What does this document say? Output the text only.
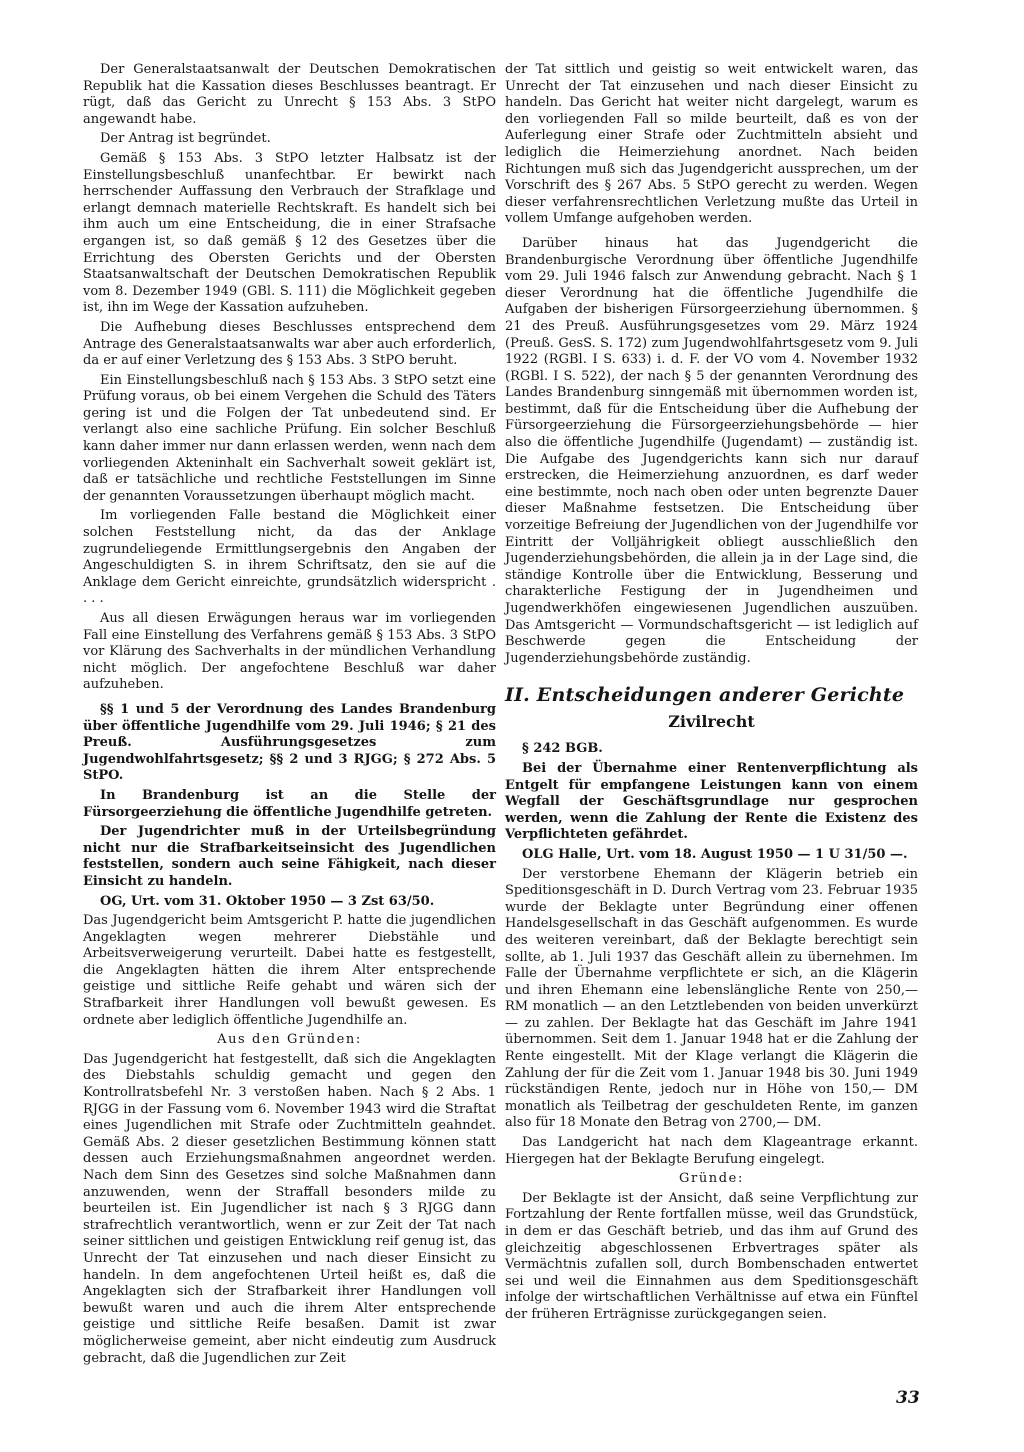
Der Generalstaatsanwalt der Deutschen Demokratischen Republik hat die Kassation dieses Beschlusses beantragt. Er rügt, daß das Gericht zu Unrecht § 153 Abs. 3 StPO angewandt habe.

Der Antrag ist begründet.

Gemäß § 153 Abs. 3 StPO letzter Halbsatz ist der Einstellungsbeschluß unanfechtbar. Er bewirkt nach herrschender Auffassung den Verbrauch der Strafklage und erlangt demnach materielle Rechtskraft. Es handelt sich bei ihm auch um eine Entscheidung, die in einer Strafsache ergangen ist, so daß gemäß § 12 des Gesetzes über die Errichtung des Obersten Gerichts und der Obersten Staatsanwaltschaft der Deutschen Demokratischen Republik vom 8. Dezember 1949 (GBl. S. 111) die Möglichkeit gegeben ist, ihn im Wege der Kassation aufzuheben.

Die Aufhebung dieses Beschlusses entsprechend dem Antrage des Generalstaatsanwalts war aber auch erforderlich, da er auf einer Verletzung des § 153 Abs. 3 StPO beruht.

Ein Einstellungsbeschluß nach § 153 Abs. 3 StPO setzt eine Prüfung voraus, ob bei einem Vergehen die Schuld des Täters gering ist und die Folgen der Tat unbedeutend sind. Er verlangt also eine sachliche Prüfung. Ein solcher Beschluß kann daher immer nur dann erlassen werden, wenn nach dem vorliegenden Akteninhalt ein Sachverhalt soweit geklärt ist, daß er tatsächliche und rechtliche Feststellungen im Sinne der genannten Voraussetzungen überhaupt möglich macht.

Im vorliegenden Falle bestand die Möglichkeit einer solchen Feststellung nicht, da das der Anklage zugrundeliegende Ermittlungsergebnis den Angaben der Angeschuldigten S. in ihrem Schriftsatz, den sie auf die Anklage dem Gericht einreichte, grundsätzlich widerspricht . . . .

Aus all diesen Erwägungen heraus war im vorliegenden Fall eine Einstellung des Verfahrens gemäß § 153 Abs. 3 StPO vor Klärung des Sachverhalts in der mündlichen Verhandlung nicht möglich. Der angefochtene Beschluß war daher aufzuheben.

§§ 1 und 5 der Verordnung des Landes Brandenburg über öffentliche Jugendhilfe vom 29. Juli 1946; § 21 des Preuß. Ausführungsgesetzes zum Jugendwohlfahrtsgesetz; §§ 2 und 3 RJGG; § 272 Abs. 5 StPO.

In Brandenburg ist an die Stelle der Fürsorgeerziehung die öffentliche Jugendhilfe getreten.

Der Jugendrichter muß in der Urteilsbegründung nicht nur die Strafbarkeitseinsicht des Jugendlichen feststellen, sondern auch seine Fähigkeit, nach dieser Einsicht zu handeln.

OG, Urt. vom 31. Oktober 1950 — 3 Zst 63/50.

Das Jugendgericht beim Amtsgericht P. hatte die jugendlichen Angeklagten wegen mehrerer Diebstähle und Arbeitsverweigerung verurteilt. Dabei hatte es festgestellt, die Angeklagten hätten die ihrem Alter entsprechende geistige und sittliche Reife gehabt und wären sich der Strafbarkeit ihrer Handlungen voll bewußt gewesen. Es ordnete aber lediglich öffentliche Jugendhilfe an.

Aus den Gründen:

Das Jugendgericht hat festgestellt, daß sich die Angeklagten des Diebstahls schuldig gemacht und gegen den Kontrollratsbefehl Nr. 3 verstoßen haben. Nach § 2 Abs. 1 RJGG in der Fassung vom 6. November 1943 wird die Straftat eines Jugendlichen mit Strafe oder Zuchtmitteln geahndet. Gemäß Abs. 2 dieser gesetzlichen Bestimmung können statt dessen auch Erziehungsmaßnahmen angeordnet werden. Nach dem Sinn des Gesetzes sind solche Maßnahmen dann anzuwenden, wenn der Straffall besonders milde zu beurteilen ist. Ein Jugendlicher ist nach § 3 RJGG dann strafrechtlich verantwortlich, wenn er zur Zeit der Tat nach seiner sittlichen und geistigen Entwicklung reif genug ist, das Unrecht der Tat einzusehen und nach dieser Einsicht zu handeln. In dem angefochtenen Urteil heißt es, daß die Angeklagten sich der Strafbarkeit ihrer Handlungen voll bewußt waren und auch die ihrem Alter entsprechende geistige und sittliche Reife besaßen. Damit ist zwar möglicherweise gemeint, aber nicht eindeutig zum Ausdruck gebracht, daß die Jugendlichen zur Zeit

der Tat sittlich und geistig so weit entwickelt waren, das Unrecht der Tat einzusehen und nach dieser Einsicht zu handeln. Das Gericht hat weiter nicht dargelegt, warum es den vorliegenden Fall so milde beurteilt, daß es von der Auferlegung einer Strafe oder Zuchtmitteln absieht und lediglich die Heimerziehung anordnet. Nach beiden Richtungen muß sich das Jugendgericht aussprechen, um der Vorschrift des § 267 Abs. 5 StPO gerecht zu werden. Wegen dieser verfahrensrechtlichen Verletzung mußte das Urteil in vollem Umfange aufgehoben werden.

Darüber hinaus hat das Jugendgericht die Brandenburgische Verordnung über öffentliche Jugendhilfe vom 29. Juli 1946 falsch zur Anwendung gebracht. Nach § 1 dieser Verordnung hat die öffentliche Jugendhilfe die Aufgaben der bisherigen Fürsorgeerziehung übernommen. § 21 des Preuß. Ausführungsgesetzes vom 29. März 1924 (Preuß. GesS. S. 172) zum Jugendwohlfahrtsgesetz vom 9. Juli 1922 (RGBl. I S. 633) i. d. F. der VO vom 4. November 1932 (RGBl. I S. 522), der nach § 5 der genannten Verordnung des Landes Brandenburg sinngemäß mit übernommen worden ist, bestimmt, daß für die Entscheidung über die Aufhebung der Fürsorgeerziehung die Fürsorgeerziehungsbehörde — hier also die öffentliche Jugendhilfe (Jugendamt) — zuständig ist. Die Aufgabe des Jugendgerichts kann sich nur darauf erstrecken, die Heimerziehung anzuordnen, es darf weder eine bestimmte, noch nach oben oder unten begrenzte Dauer dieser Maßnahme festsetzen. Die Entscheidung über vorzeitige Befreiung der Jugendlichen von der Jugendhilfe vor Eintritt der Volljährigkeit obliegt ausschließlich den Jugenderziehungsbehörden, die allein ja in der Lage sind, die ständige Kontrolle über die Entwicklung, Besserung und charakterliche Festigung der in Jugendheimen und Jugendwerkhöfen eingewiesenen Jugendlichen auszuüben. Das Amtsgericht — Vormundschaftsgericht — ist lediglich auf Beschwerde gegen die Entscheidung der Jugenderziehungsbehörde zuständig.

II. Entscheidungen anderer Gerichte
Zivilrecht

§ 242 BGB.

Bei der Übernahme einer Rentenverpflichtung als Entgelt für empfangene Leistungen kann von einem Wegfall der Geschäftsgrundlage nur gesprochen werden, wenn die Zahlung der Rente die Existenz des Verpflichteten gefährdet.

OLG Halle, Urt. vom 18. August 1950 — 1 U 31/50 —.

Der verstorbene Ehemann der Klägerin betrieb ein Speditionsgeschäft in D. Durch Vertrag vom 23. Februar 1935 wurde der Beklagte unter Begründung einer offenen Handelsgesellschaft in das Geschäft aufgenommen. Es wurde des weiteren vereinbart, daß der Beklagte berechtigt sein sollte, ab 1. Juli 1937 das Geschäft allein zu übernehmen. Im Falle der Übernahme verpflichtete er sich, an die Klägerin und ihren Ehemann eine lebenslängliche Rente von 250,— RM monatlich — an den Letztlebenden von beiden unverkürzt — zu zahlen. Der Beklagte hat das Geschäft im Jahre 1941 übernommen. Seit dem 1. Januar 1948 hat er die Zahlung der Rente eingestellt. Mit der Klage verlangt die Klägerin die Zahlung der für die Zeit vom 1. Januar 1948 bis 30. Juni 1949 rückständigen Rente, jedoch nur in Höhe von 150,— DM monatlich als Teilbetrag der geschuldeten Rente, im ganzen also für 18 Monate den Betrag von 2700,— DM.

Das Landgericht hat nach dem Klageantrage erkannt. Hiergegen hat der Beklagte Berufung eingelegt.

Gründe:

Der Beklagte ist der Ansicht, daß seine Verpflichtung zur Fortzahlung der Rente fortfallen müsse, weil das Grundstück, in dem er das Geschäft betrieb, und das ihm auf Grund des gleichzeitig abgeschlossenen Erbvertrages später als Vermächtnis zufallen soll, durch Bombenschaden entwertet sei und weil die Einnahmen aus dem Speditionsgeschäft infolge der wirtschaftlichen Verhältnisse auf etwa ein Fünftel der früheren Erträgnisse zurückgegangen seien.

33
